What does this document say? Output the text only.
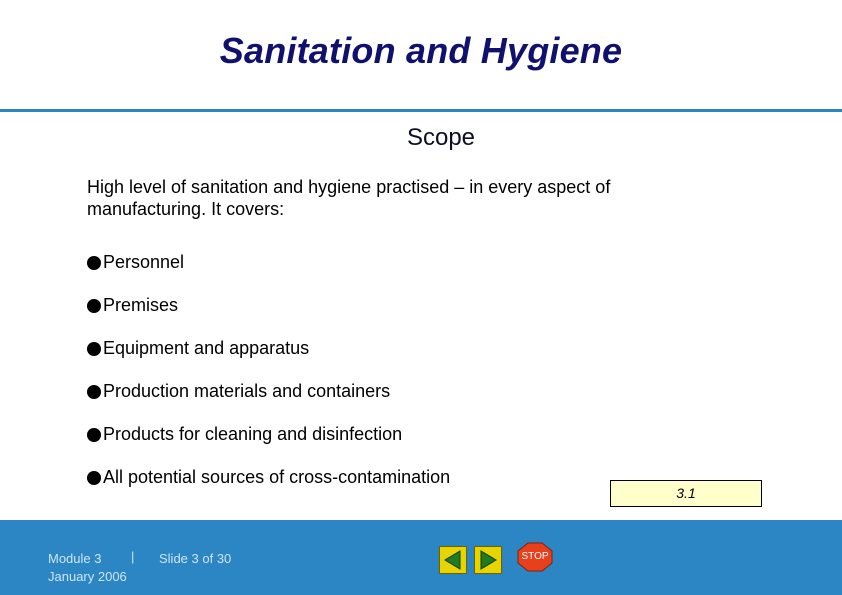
Sanitation and Hygiene
Scope
High level of sanitation and hygiene practised – in every aspect of manufacturing. It covers:
Personnel
Premises
Equipment and apparatus
Production materials and containers
Products for cleaning and disinfection
All potential sources of cross-contamination
3.1
Module 3 |
January 2006
Slide 3 of 30	STOP
